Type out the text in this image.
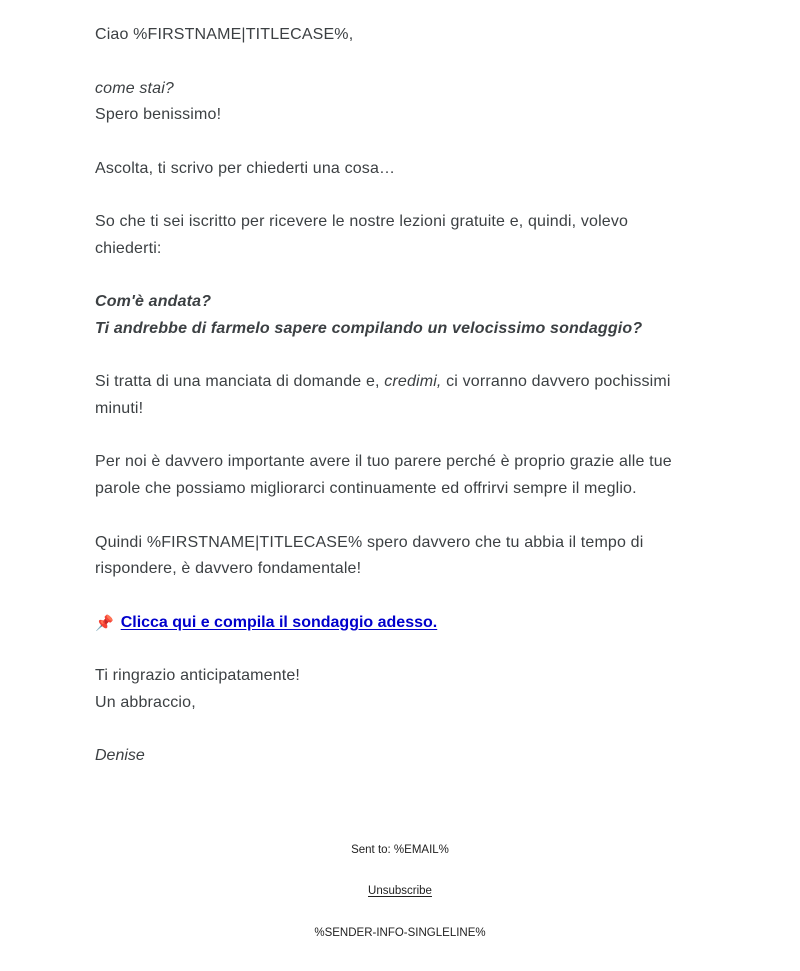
Ciao %FIRSTNAME|TITLECASE%,

come stai?
Spero benissimo!

Ascolta, ti scrivo per chiederti una cosa…

So che ti sei iscritto per ricevere le nostre lezioni gratuite e, quindi, volevo chiederti:

Com'è andata?
Ti andrebbe di farmelo sapere compilando un velocissimo sondaggio?

Si tratta di una manciata di domande e, credimi, ci vorranno davvero pochissimi minuti!

Per noi è davvero importante avere il tuo parere perché è proprio grazie alle tue parole che possiamo migliorarci continuamente ed offrirvi sempre il meglio.

Quindi %FIRSTNAME|TITLECASE% spero davvero che tu abbia il tempo di rispondere, è davvero fondamentale!

📌 Clicca qui e compila il sondaggio adesso.

Ti ringrazio anticipatamente!
Un abbraccio,

Denise

Sent to: %EMAIL%

Unsubscribe

%SENDER-INFO-SINGLELINE%
